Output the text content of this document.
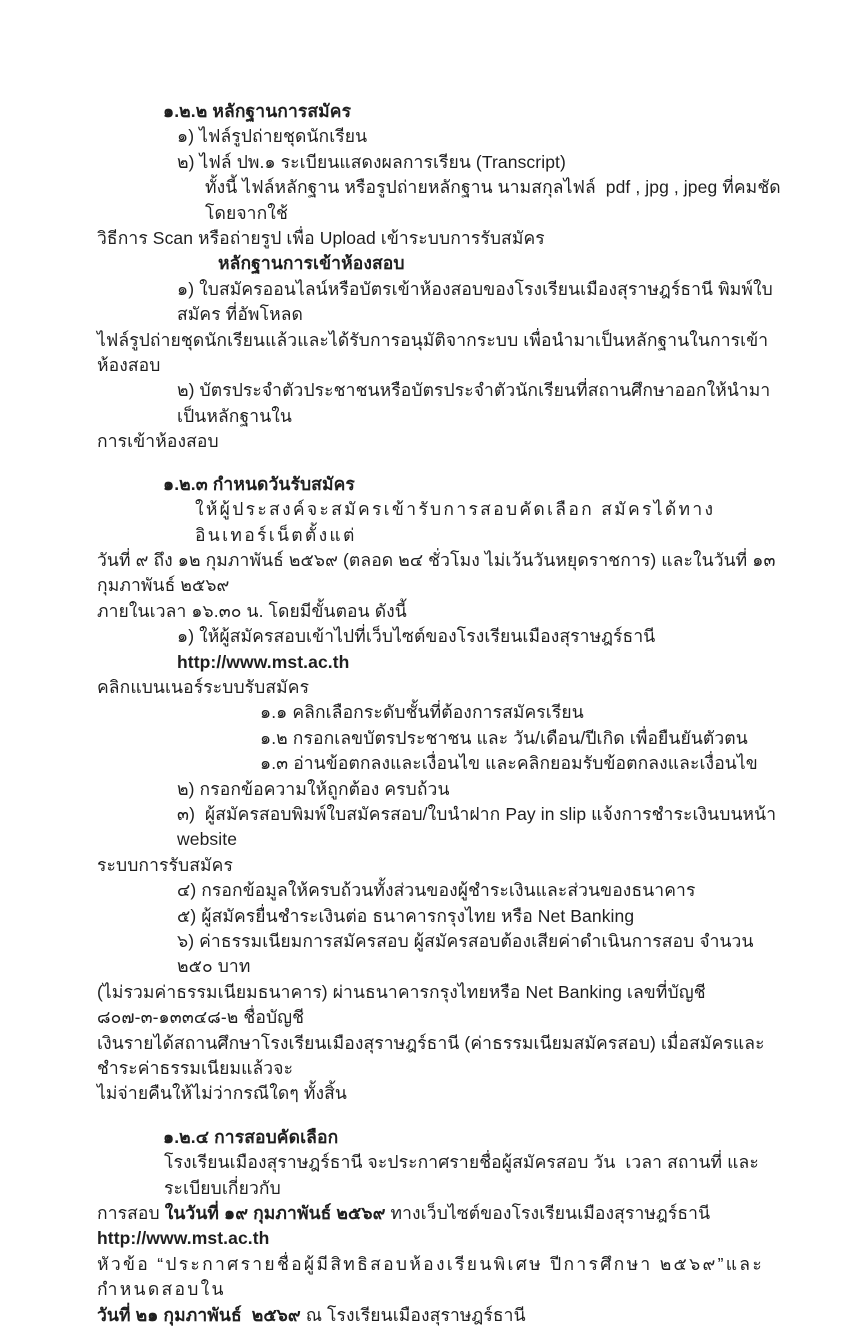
๑.๒.๒ หลักฐานการสมัคร
๑) ไฟล์รูปถ่ายชุดนักเรียน
๒) ไฟล์ ปพ.๑ ระเบียนแสดงผลการเรียน (Transcript)
ทั้งนี้ ไฟล์หลักฐาน หรือรูปถ่ายหลักฐาน นามสกุลไฟล์  pdf , jpg , jpeg ที่คมชัด โดยจากใช้
วิธีการ Scan หรือถ่ายรูป เพื่อ Upload เข้าระบบการรับสมัคร
หลักฐานการเข้าห้องสอบ
๑) ใบสมัครออนไลน์หรือบัตรเข้าห้องสอบของโรงเรียนเมืองสุราษฎร์ธานี พิมพ์ใบสมัคร ที่อัพโหลด
ไฟล์รูปถ่ายชุดนักเรียนแล้วและได้รับการอนุมัติจากระบบ เพื่อนำมาเป็นหลักฐานในการเข้าห้องสอบ
๒) บัตรประจำตัวประชาชนหรือบัตรประจำตัวนักเรียนที่สถานศึกษาออกให้นำมาเป็นหลักฐานใน
การเข้าห้องสอบ
๑.๒.๓ กำหนดวันรับสมัคร
ให้ผู้ประสงค์จะสมัครเข้ารับการสอบคัดเลือก สมัครได้ทางอินเทอร์เน็ตตั้งแต่
วันที่ ๙ ถึง ๑๒ กุมภาพันธ์ ๒๕๖๙ (ตลอด ๒๔ ชั่วโมง ไม่เว้นวันหยุดราชการ) และในวันที่ ๑๓ กุมภาพันธ์ ๒๕๖๙
ภายในเวลา ๑๖.๓๐ น. โดยมีขั้นตอน ดังนี้
๑) ให้ผู้สมัครสอบเข้าไปที่เว็บไซต์ของโรงเรียนเมืองสุราษฎร์ธานี http://www.mst.ac.th
คลิกแบนเนอร์ระบบรับสมัคร
๑.๑ คลิกเลือกระดับชั้นที่ต้องการสมัครเรียน
๑.๒ กรอกเลขบัตรประชาชน และ วัน/เดือน/ปีเกิด เพื่อยืนยันตัวตน
๑.๓ อ่านข้อตกลงและเงื่อนไข และคลิกยอมรับข้อตกลงและเงื่อนไข
๒) กรอกข้อความให้ถูกต้อง ครบถ้วน
๓)  ผู้สมัครสอบพิมพ์ใบสมัครสอบ/ใบนำฝาก Pay in slip แจ้งการชำระเงินบนหน้า website
ระบบการรับสมัคร
๔) กรอกข้อมูลให้ครบถ้วนทั้งส่วนของผู้ชำระเงินและส่วนของธนาคาร
๕) ผู้สมัครยื่นชำระเงินต่อ ธนาคารกรุงไทย หรือ Net Banking
๖) ค่าธรรมเนียมการสมัครสอบ ผู้สมัครสอบต้องเสียค่าดำเนินการสอบ จำนวน ๒๕๐ บาท
(ไม่รวมค่าธรรมเนียมธนาคาร) ผ่านธนาคารกรุงไทยหรือ Net Banking เลขที่บัญชี ๘๐๗-๓-๑๓๓๔๘-๒ ชื่อบัญชี
เงินรายได้สถานศึกษาโรงเรียนเมืองสุราษฎร์ธานี (ค่าธรรมเนียมสมัครสอบ) เมื่อสมัครและชำระค่าธรรมเนียมแล้วจะ
ไม่จ่ายคืนให้ไม่ว่ากรณีใดๆ ทั้งสิ้น
๑.๒.๔ การสอบคัดเลือก
โรงเรียนเมืองสุราษฎร์ธานี จะประกาศรายชื่อผู้สมัครสอบ วัน  เวลา สถานที่ และระเบียบเกี่ยวกับ
การสอบ ในวันที่ ๑๙ กุมภาพันธ์ ๒๕๖๙ ทางเว็บไซต์ของโรงเรียนเมืองสุราษฎร์ธานี http://www.mst.ac.th
หัวข้อ “ประกาศรายชื่อผู้มีสิทธิสอบห้องเรียนพิเศษ ปีการศึกษา ๒๕๖๙”และกำหนดสอบใน
วันที่ ๒๑ กุมภาพันธ์  ๒๕๖๙ ณ โรงเรียนเมืองสุราษฎร์ธานี
